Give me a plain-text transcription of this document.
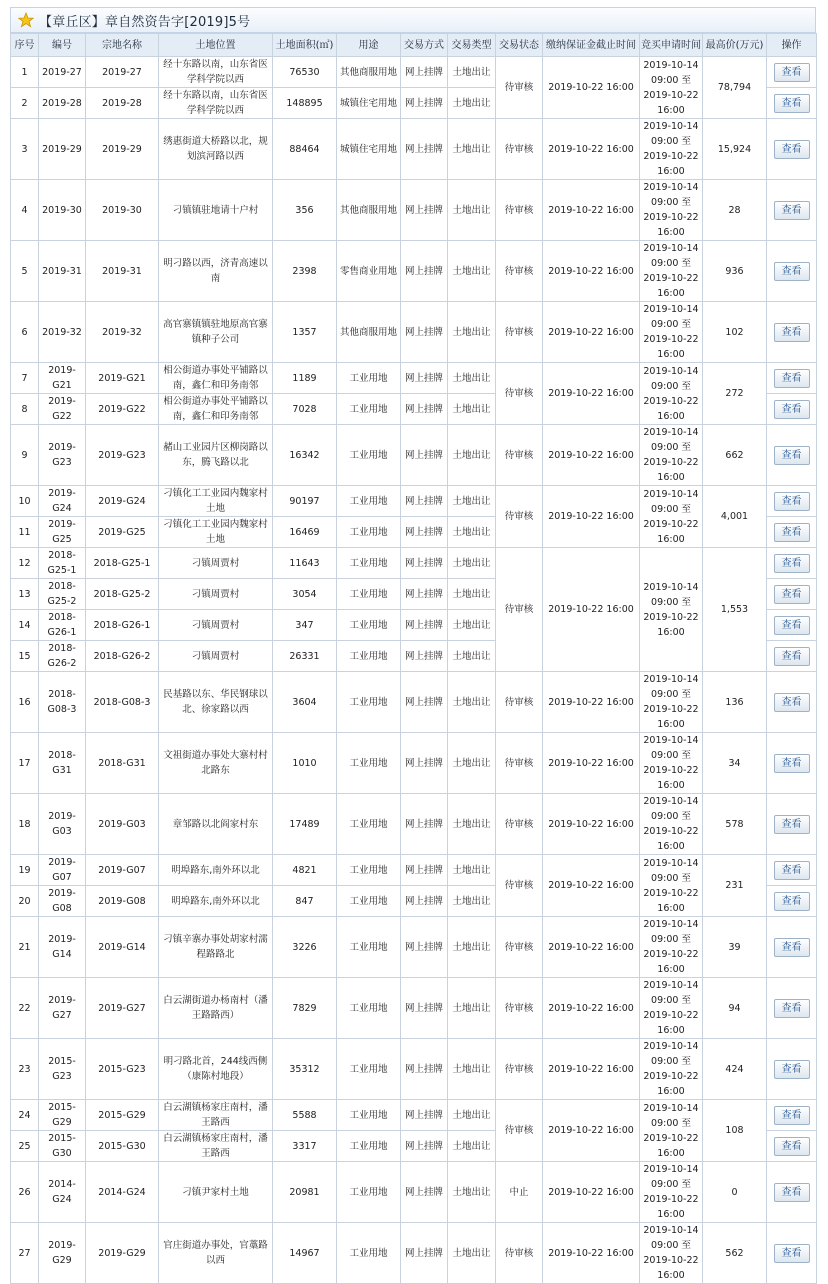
【章丘区】章自然资告字[2019]5号
序号	编号	宗地名称	土地位置	土地面积(㎡)	用途	交易方式	交易类型	交易状态	缴纳保证金截止时间	竞买申请时间	最高价(万元)	操作
1	2019-27	2019-27	经十东路以南，山东省医学科学院以西	76530	其他商服用地	网上挂牌	土地出让	待审核	2019-10-22 16:00	2019-10-14 09:00 至 2019-10-22 16:00	78,794	查看
2	2019-28	2019-28	经十东路以南，山东省医学科学院以西	148895	城镇住宅用地	网上挂牌	土地出让					查看
3	2019-29	2019-29	绣惠街道大桥路以北，规划滨河路以西	88464	城镇住宅用地	网上挂牌	土地出让	待审核	2019-10-22 16:00	2019-10-14 09:00 至 2019-10-22 16:00	15,924	查看
4	2019-30	2019-30	刁镇镇驻地请十户村	356	其他商服用地	网上挂牌	土地出让	待审核	2019-10-22 16:00	2019-10-14 09:00 至 2019-10-22 16:00	28	查看
5	2019-31	2019-31	明刁路以西，济青高速以南	2398	零售商业用地	网上挂牌	土地出让	待审核	2019-10-22 16:00	2019-10-14 09:00 至 2019-10-22 16:00	936	查看
6	2019-32	2019-32	高官寨镇镇驻地原高官寨镇种子公司	1357	其他商服用地	网上挂牌	土地出让	待审核	2019-10-22 16:00	2019-10-14 09:00 至 2019-10-22 16:00	102	查看
7	2019-G21	2019-G21	相公街道办事处平铺路以南，鑫仁和印务南邻	1189	工业用地	网上挂牌	土地出让	待审核	2019-10-22 16:00	2019-10-14 09:00 至 2019-10-22 16:00	272	查看
8	2019-G22	2019-G22	相公街道办事处平铺路以南，鑫仁和印务南邻	7028	工业用地	网上挂牌	土地出让					查看
9	2019-G23	2019-G23	赭山工业园片区柳岗路以东，腾飞路以北	16342	工业用地	网上挂牌	土地出让	待审核	2019-10-22 16:00	2019-10-14 09:00 至 2019-10-22 16:00	662	查看
10	2019-G24	2019-G24	刁镇化工工业园内魏家村土地	90197	工业用地	网上挂牌	土地出让	待审核	2019-10-22 16:00	2019-10-14 09:00 至 2019-10-22 16:00	4,001	查看
11	2019-G25	2019-G25	刁镇化工工业园内魏家村土地	16469	工业用地	网上挂牌	土地出让					查看
12	2018-G25-1	2018-G25-1	刁镇周贾村	11643	工业用地	网上挂牌	土地出让	待审核	2019-10-22 16:00	2019-10-14 09:00 至 2019-10-22 16:00	1,553	查看
13	2018-G25-2	2018-G25-2	刁镇周贾村	3054	工业用地	网上挂牌	土地出让					查看
14	2018-G26-1	2018-G26-1	刁镇周贾村	347	工业用地	网上挂牌	土地出让					查看
15	2018-G26-2	2018-G26-2	刁镇周贾村	26331	工业用地	网上挂牌	土地出让					查看
16	2018-G08-3	2018-G08-3	民基路以东、华民钢球以北、徐家路以西	3604	工业用地	网上挂牌	土地出让	待审核	2019-10-22 16:00	2019-10-14 09:00 至 2019-10-22 16:00	136	查看
17	2018-G31	2018-G31	文祖街道办事处大寨村村北路东	1010	工业用地	网上挂牌	土地出让	待审核	2019-10-22 16:00	2019-10-14 09:00 至 2019-10-22 16:00	34	查看
18	2019-G03	2019-G03	章邹路以北阎家村东	17489	工业用地	网上挂牌	土地出让	待审核	2019-10-22 16:00	2019-10-14 09:00 至 2019-10-22 16:00	578	查看
19	2019-G07	2019-G07	明埠路东,南外环以北	4821	工业用地	网上挂牌	土地出让	待审核	2019-10-22 16:00	2019-10-14 09:00 至 2019-10-22 16:00	231	查看
20	2019-G08	2019-G08	明埠路东,南外环以北	847	工业用地	网上挂牌	土地出让					查看
21	2019-G14	2019-G14	刁镇辛寨办事处胡家村濡程路路北	3226	工业用地	网上挂牌	土地出让	待审核	2019-10-22 16:00	2019-10-14 09:00 至 2019-10-22 16:00	39	查看
22	2019-G27	2019-G27	白云湖街道办杨南村（潘王路路西）	7829	工业用地	网上挂牌	土地出让	待审核	2019-10-22 16:00	2019-10-14 09:00 至 2019-10-22 16:00	94	查看
23	2015-G23	2015-G23	明刁路北首，244线西侧（康陈村地段）	35312	工业用地	网上挂牌	土地出让	待审核	2019-10-22 16:00	2019-10-14 09:00 至 2019-10-22 16:00	424	查看
24	2015-G29	2015-G29	白云湖镇杨家庄南村，潘王路西	5588	工业用地	网上挂牌	土地出让	待审核	2019-10-22 16:00	2019-10-14 09:00 至 2019-10-22 16:00	108	查看
25	2015-G30	2015-G30	白云湖镇杨家庄南村，潘王路西	3317	工业用地	网上挂牌	土地出让					查看
26	2014-G24	2014-G24	刁镇尹家村土地	20981	工业用地	网上挂牌	土地出让	中止	2019-10-22 16:00	2019-10-14 09:00 至 2019-10-22 16:00	0	查看
27	2019-G29	2019-G29	官庄街道办事处，官藁路以西	14967	工业用地	网上挂牌	土地出让	待审核	2019-10-22 16:00	2019-10-14 09:00 至 2019-10-22 16:00	562	查看
